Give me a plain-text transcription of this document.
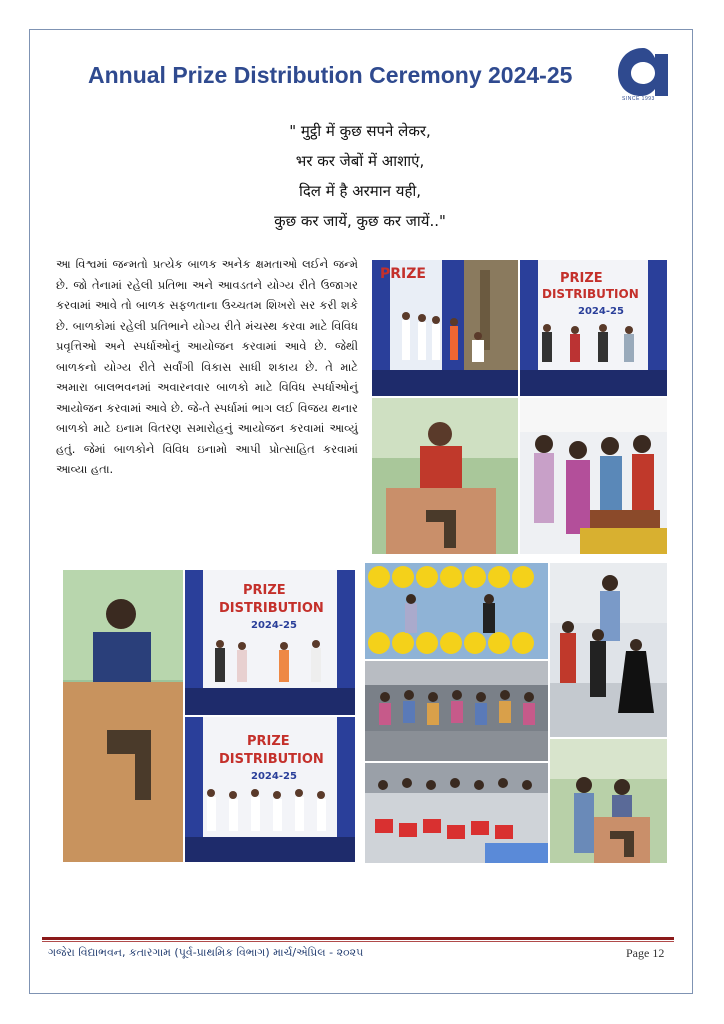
Annual Prize Distribution Ceremony 2024-25
SINCE 1993
" मुट्ठी में कुछ सपने लेकर,
भर कर जेबों में आशाएं,
दिल में है अरमान यही,
कुछ कर जायें, कुछ कर जायें.."
આ વિશ્વમાં જન્મતો પ્રત્યેક બાળક અનેક ક્ષમતાઓ લઈને જન્મે છે. જો તેનામાં રહેલી પ્રતિભા અને આવડતને યોગ્ય રીતે ઉજાગર કરવામાં આવે તો બાળક સફળતાના ઉચ્ચતમ શિખરો સર કરી શકે છે. બાળકોમાં રહેલી પ્રતિભાને યોગ્ય રીતે મંચસ્થ કરવા માટે વિવિધ પ્રવૃત્તિઓ અને સ્પર્ધાઓનું આયોજન કરવામાં આવે છે. જેથી બાળકનો યોગ્ય રીતે સર્વાંગી વિકાસ સાધી શકાય છે. તે માટે અમારા બાલભવનમાં અવારનવાર બાળકો માટે વિવિધ સ્પર્ધાઓનું આયોજન કરવામાં આવે છે. જે-તે સ્પર્ધામાં ભાગ લઈ વિજય થનાર બાળકો માટે ઇનામ વિતરણ સમારોહનું આયોજન કરવામાં આવ્યું હતું. જેમાં બાળકોને વિવિધ ઇનામો આપી પ્રોત્સાહિત કરવામાં આવ્યા હતા.
PRIZE	PRIZE
DISTRIBUTION
2024-25
PRIZE
DISTRIBUTION
2024-25
PRIZE
DISTRIBUTION
2024-25
ગજેરા વિદ્યાભવન, કતારગામ (પૂર્વ-પ્રાથમિક વિભાગ) માર્ચ/એપ્રિલ - ૨૦૨૫	Page 12
